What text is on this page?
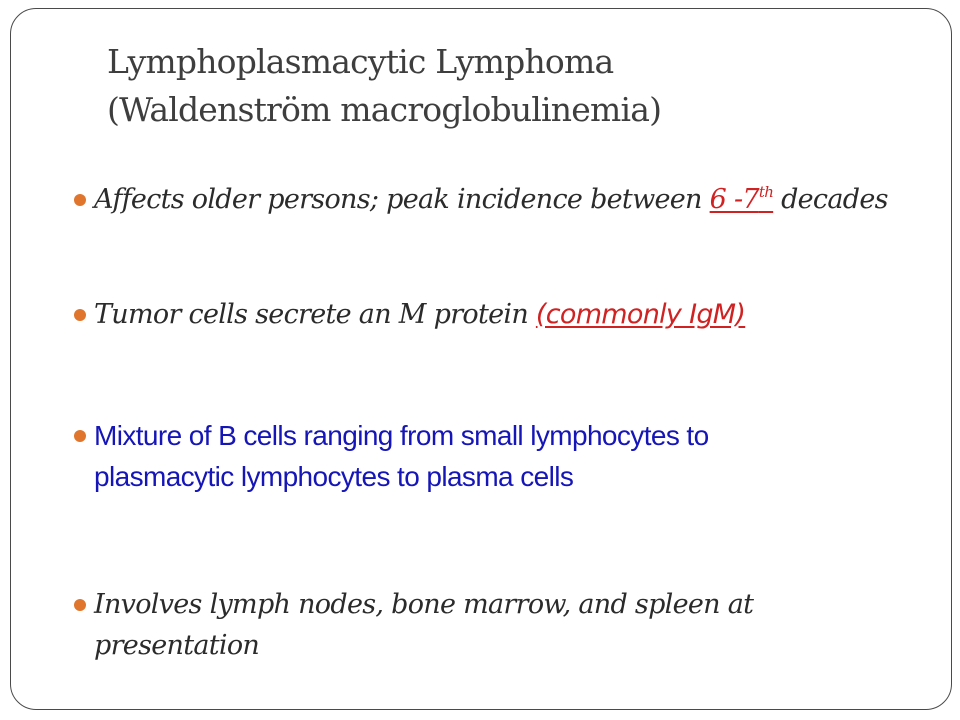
Lymphoplasmacytic Lymphoma
(Waldenström macroglobulinemia)
Affects older persons; peak incidence between 6 -7th decades
Tumor cells secrete an M protein (commonly IgM)
Mixture of B cells ranging from small lymphocytes to plasmacytic lymphocytes to plasma cells
Involves lymph nodes, bone marrow, and spleen at presentation
